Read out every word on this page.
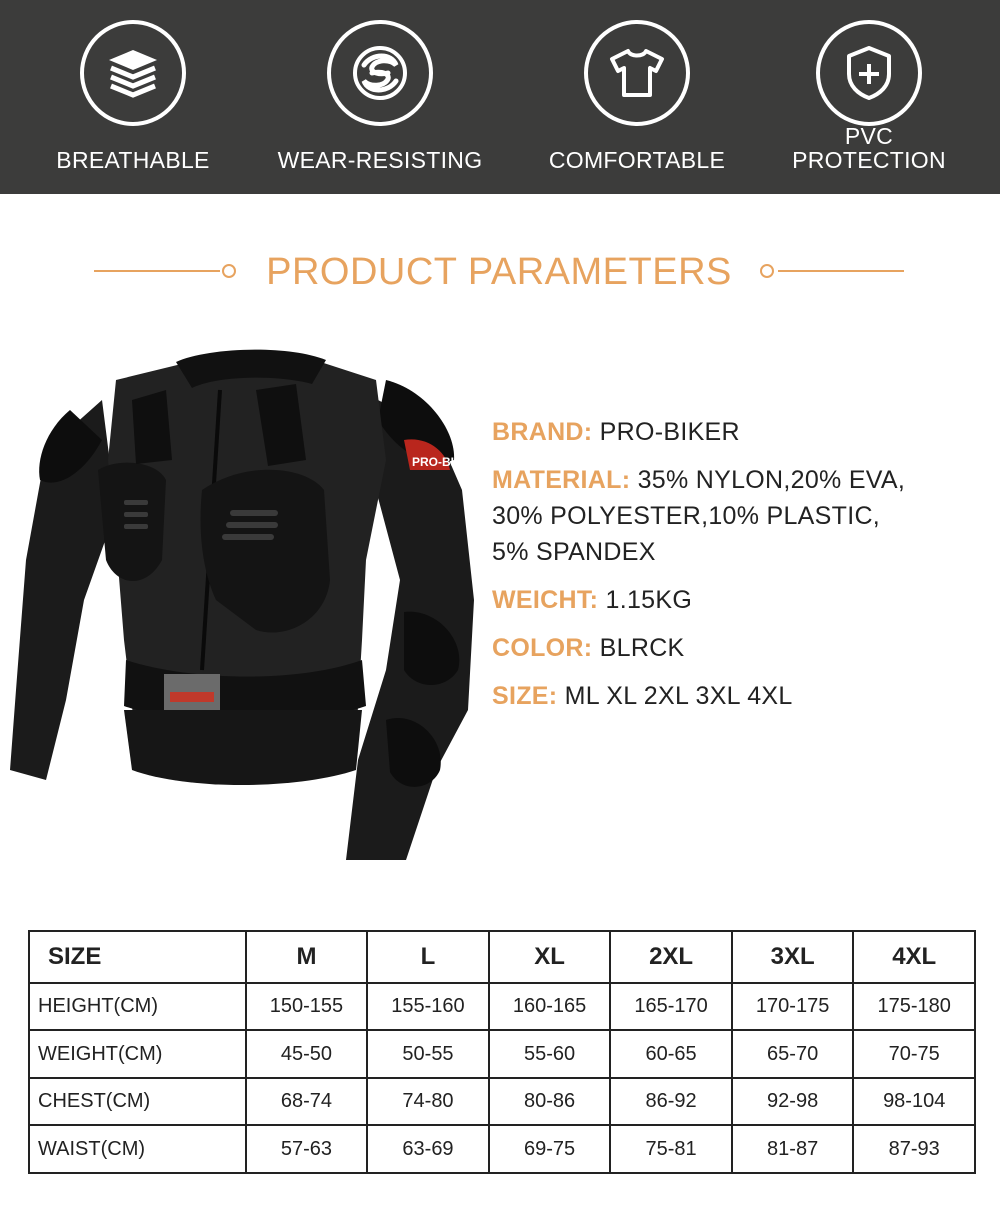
BREATHABLE	WEAR-RESISTING	COMFORTABLE
PVC
PROTECTION
PRODUCT PARAMETERS
PRO-BIKER
BRAND: PRO-BIKER
MATERIAL: 35% NYLON,20% EVA,
30% POLYESTER,10% PLASTIC,
5% SPANDEX
WEICHT: 1.15KG
COLOR: BLRCK
SIZE: ML XL 2XL 3XL 4XL
SIZE	M	L	XL	2XL	3XL	4XL
HEIGHT(CM)	150-155	155-160	160-165	165-170	170-175	175-180
WEIGHT(CM)	45-50	50-55	55-60	60-65	65-70	70-75
CHEST(CM)	68-74	74-80	80-86	86-92	92-98	98-104
WAIST(CM)	57-63	63-69	69-75	75-81	81-87	87-93
